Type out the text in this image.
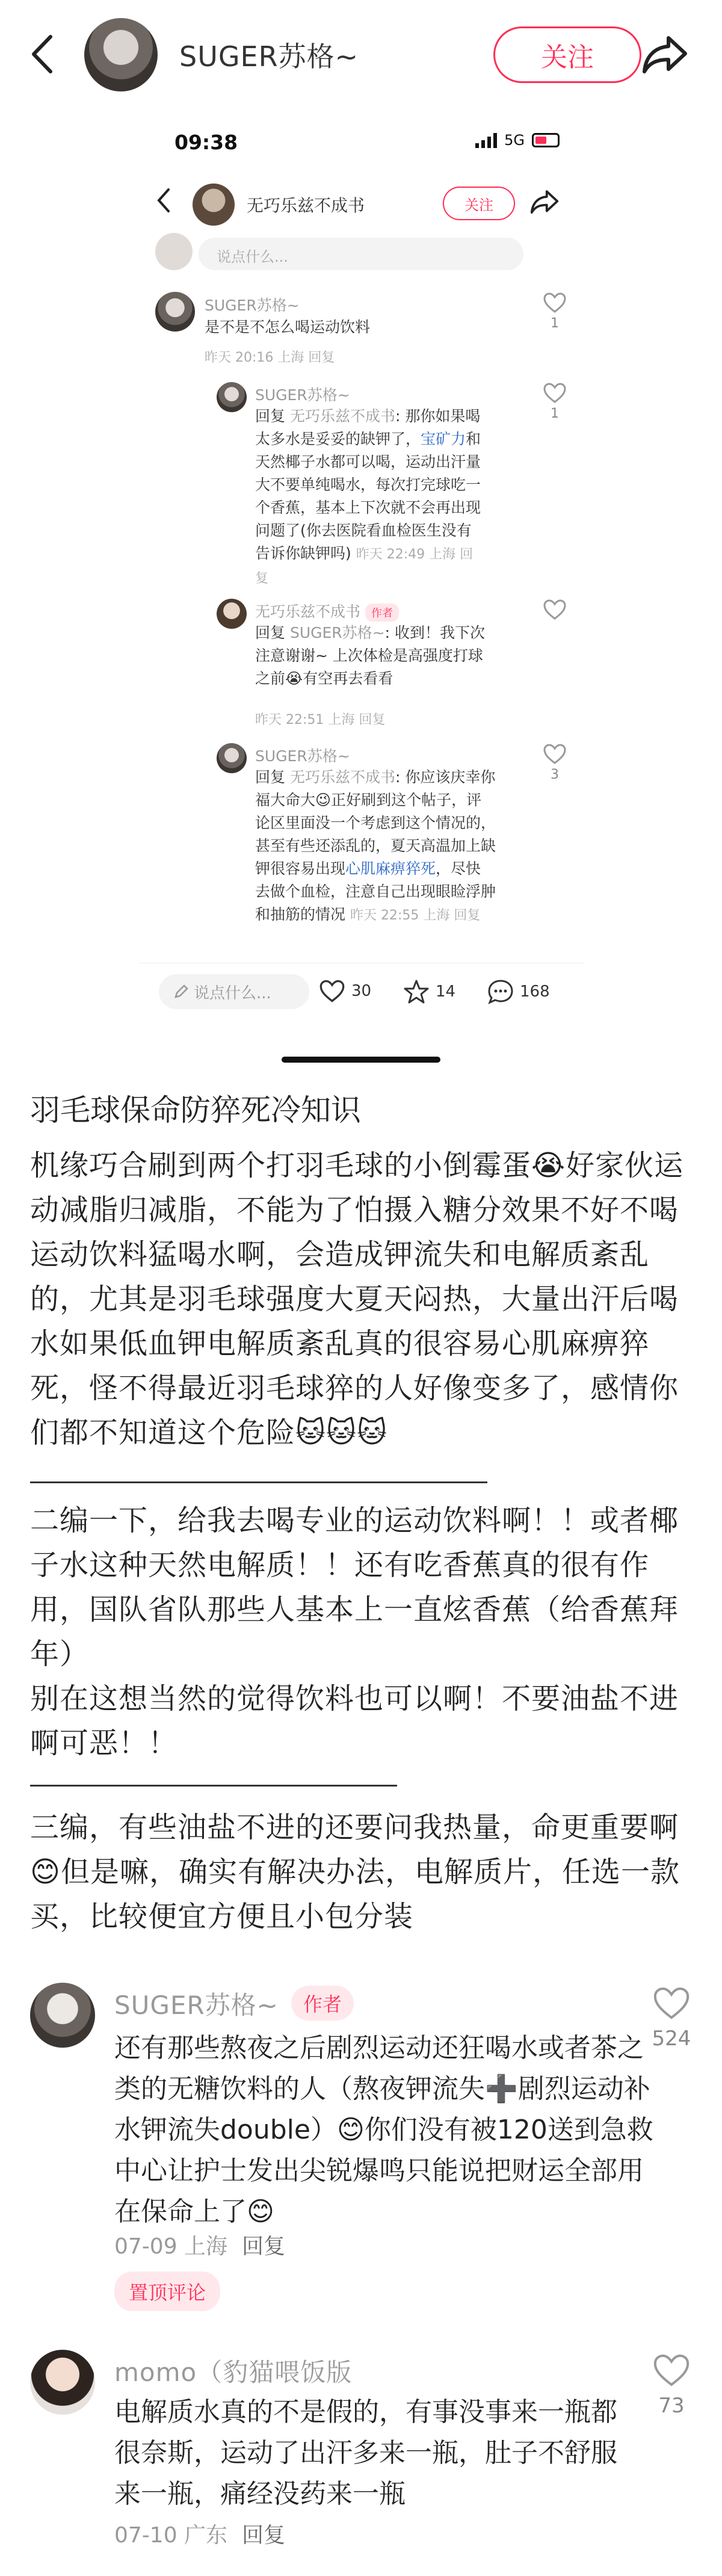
SUGER苏格~	关注
09:38	5G
无巧乐兹不成书	关注
说点什么...
SUGER苏格~
是不是不怎么喝运动饮料
昨天 20:16 上海 回复
1
SUGER苏格~
回复 无巧乐兹不成书: 那你如果喝太多水是妥妥的缺钾了，宝矿力和天然椰子水都可以喝，运动出汗量大不要单纯喝水，每次打完球吃一个香蕉，基本上下次就不会再出现问题了(你去医院看血检医生没有告诉你缺钾吗) 昨天 22:49 上海 回复
1
无巧乐兹不成书 作者
回复 SUGER苏格~: 收到！我下次注意谢谢~ 上次体检是高强度打球之前😭有空再去看看
昨天 22:51 上海 回复
SUGER苏格~
回复 无巧乐兹不成书: 你应该庆幸你福大命大😉正好刷到这个帖子，评论区里面没一个考虑到这个情况的，甚至有些还添乱的，夏天高温加上缺钾很容易出现心肌麻痹猝死，尽快去做个血检，注意自己出现眼睑浮肿和抽筋的情况 昨天 22:55 上海 回复
3
说点什么...	30	14	168
羽毛球保命防猝死冷知识
机缘巧合刷到两个打羽毛球的小倒霉蛋😭好家伙运动减脂归减脂，不能为了怕摄入糖分效果不好不喝运动饮料猛喝水啊，会造成钾流失和电解质紊乱的，尤其是羽毛球强度大夏天闷热，大量出汗后喝水如果低血钾电解质紊乱真的很容易心肌麻痹猝死，怪不得最近羽毛球猝的人好像变多了，感情你们都不知道这个危险🐱🐱🐱
二编一下，给我去喝专业的运动饮料啊！！或者椰子水这种天然电解质！！还有吃香蕉真的很有作用，国队省队那些人基本上一直炫香蕉（给香蕉拜年）
别在这想当然的觉得饮料也可以啊！不要油盐不进啊可恶！！
三编，有些油盐不进的还要问我热量，命更重要啊😊但是嘛，确实有解决办法，电解质片，任选一款买，比较便宜方便且小包分装
SUGER苏格~	作者
还有那些熬夜之后剧烈运动还狂喝水或者茶之类的无糖饮料的人（熬夜钾流失➕剧烈运动补水钾流失double）😊你们没有被120送到急救中心让护士发出尖锐爆鸣只能说把财运全部用在保命上了😊
07-09 上海 回复
置顶评论
524
momo（豹猫喂饭版
电解质水真的不是假的，有事没事来一瓶都很奈斯，运动了出汗多来一瓶，肚子不舒服来一瓶，痛经没药来一瓶
07-10 广东 回复
73
